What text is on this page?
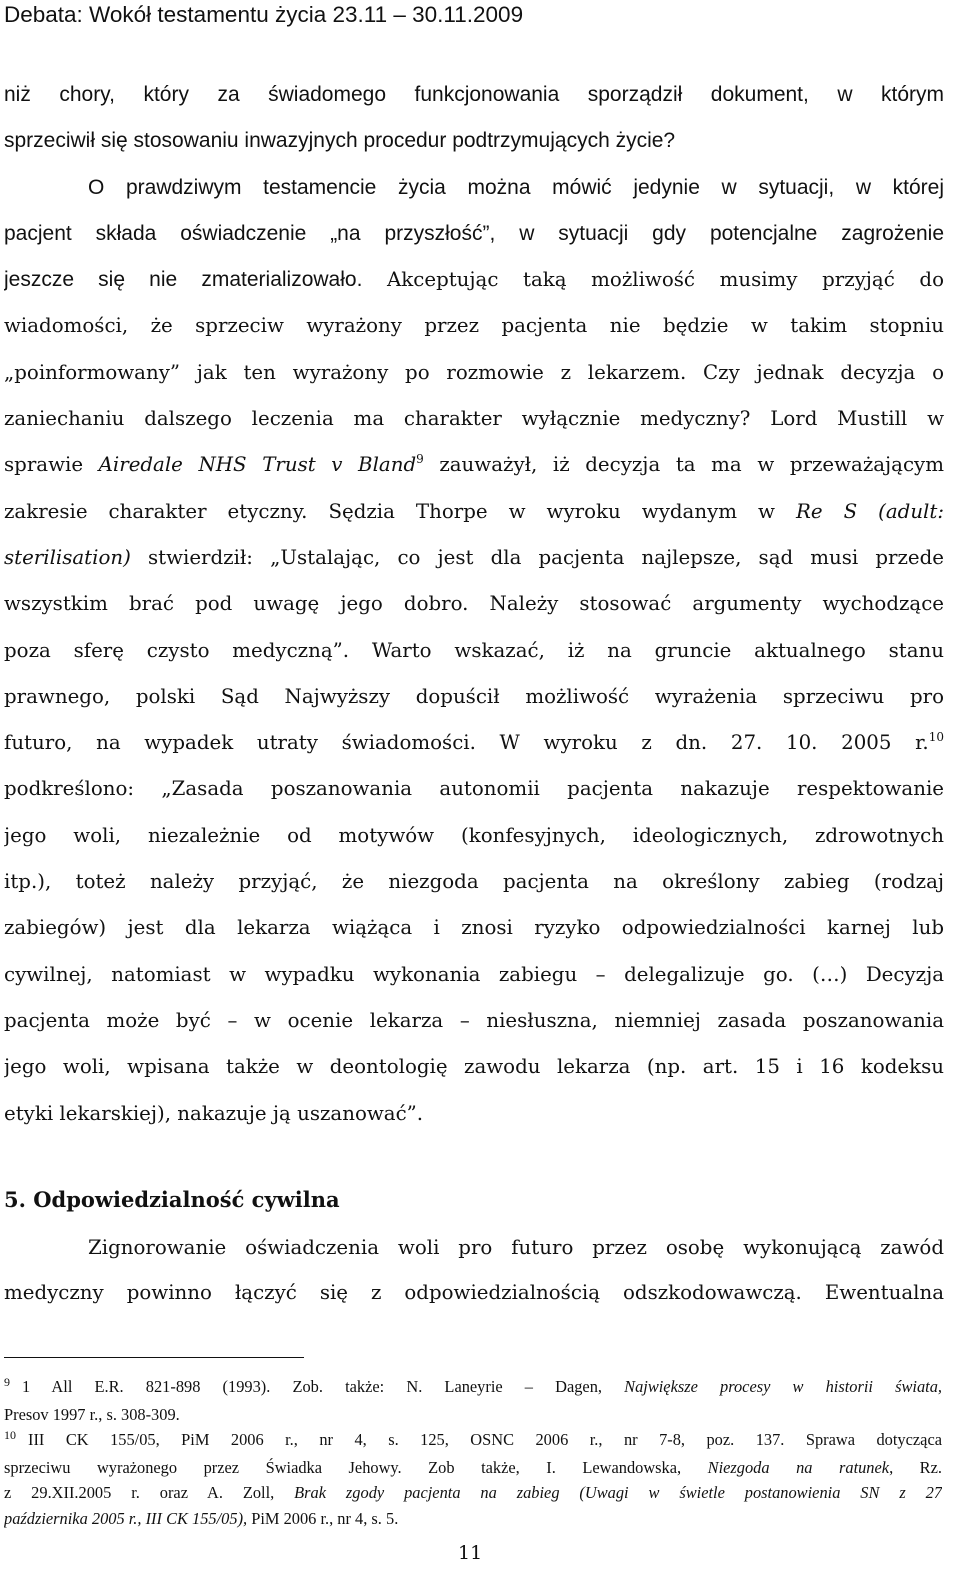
Debata: Wokół testamentu życia 23.11 – 30.11.2009
niż chory, który za świadomego funkcjonowania sporządził dokument, w którym
sprzeciwił się stosowaniu inwazyjnych procedur podtrzymujących życie?
O prawdziwym testamencie życia można mówić jedynie w sytuacji, w której
pacjent składa oświadczenie „na przyszłość”, w sytuacji gdy potencjalne zagrożenie
jeszcze się nie zmaterializowało. Akceptując taką możliwość musimy przyjąć do
wiadomości, że sprzeciw wyrażony przez pacjenta nie będzie w takim stopniu
„poinformowany” jak ten wyrażony po rozmowie z lekarzem. Czy jednak decyzja o
zaniechaniu dalszego leczenia ma charakter wyłącznie medyczny? Lord Mustill w
sprawie Airedale NHS Trust v Bland$^9$ zauważył, iż decyzja ta ma w przeważającym
zakresie charakter etyczny. Sędzia Thorpe w wyroku wydanym w Re S (adult:
sterilisation) stwierdził: „Ustalając, co jest dla pacjenta najlepsze, sąd musi przede
wszystkim brać pod uwagę jego dobro. Należy stosować argumenty wychodzące
poza sferę czysto medyczną”. Warto wskazać, iż na gruncie aktualnego stanu
prawnego, polski Sąd Najwyższy dopuścił możliwość wyrażenia sprzeciwu pro
futuro, na wypadek utraty świadomości. W wyroku z dn. 27. 10. 2005 r.$^{10}$
podkreślono: „Zasada poszanowania autonomii pacjenta nakazuje respektowanie
jego woli, niezależnie od motywów (konfesyjnych, ideologicznych, zdrowotnych
itp.), toteż należy przyjąć, że niezgoda pacjenta na określony zabieg (rodzaj
zabiegów) jest dla lekarza wiążąca i znosi ryzyko odpowiedzialności karnej lub
cywilnej, natomiast w wypadku wykonania zabiegu – delegalizuje go. (…) Decyzja
pacjenta może być – w ocenie lekarza – niesłuszna, niemniej zasada poszanowania
jego woli, wpisana także w deontologię zawodu lekarza (np. art. 15 i 16 kodeksu
etyki lekarskiej), nakazuje ją uszanować”.
5. Odpowiedzialność cywilna
Zignorowanie oświadczenia woli pro futuro przez osobę wykonującą zawód
medyczny powinno łączyć się z odpowiedzialnością odszkodowawczą. Ewentualna
$^9$ 1 All E.R. 821-898 (1993). Zob. także: N. Laneyrie – Dagen, Największe procesy w historii świata,
Presov 1997 r., s. 308-309.
$^{10}$ III CK 155/05, PiM 2006 r., nr 4, s. 125, OSNC 2006 r., nr 7-8, poz. 137. Sprawa dotycząca
sprzeciwu wyrażonego przez Świadka Jehowy. Zob także, I. Lewandowska, Niezgoda na ratunek, Rz.
z 29.XII.2005 r. oraz A. Zoll, Brak zgody pacjenta na zabieg (Uwagi w świetle postanowienia SN z 27
października 2005 r., III CK 155/05), PiM 2006 r., nr 4, s. 5.
11
